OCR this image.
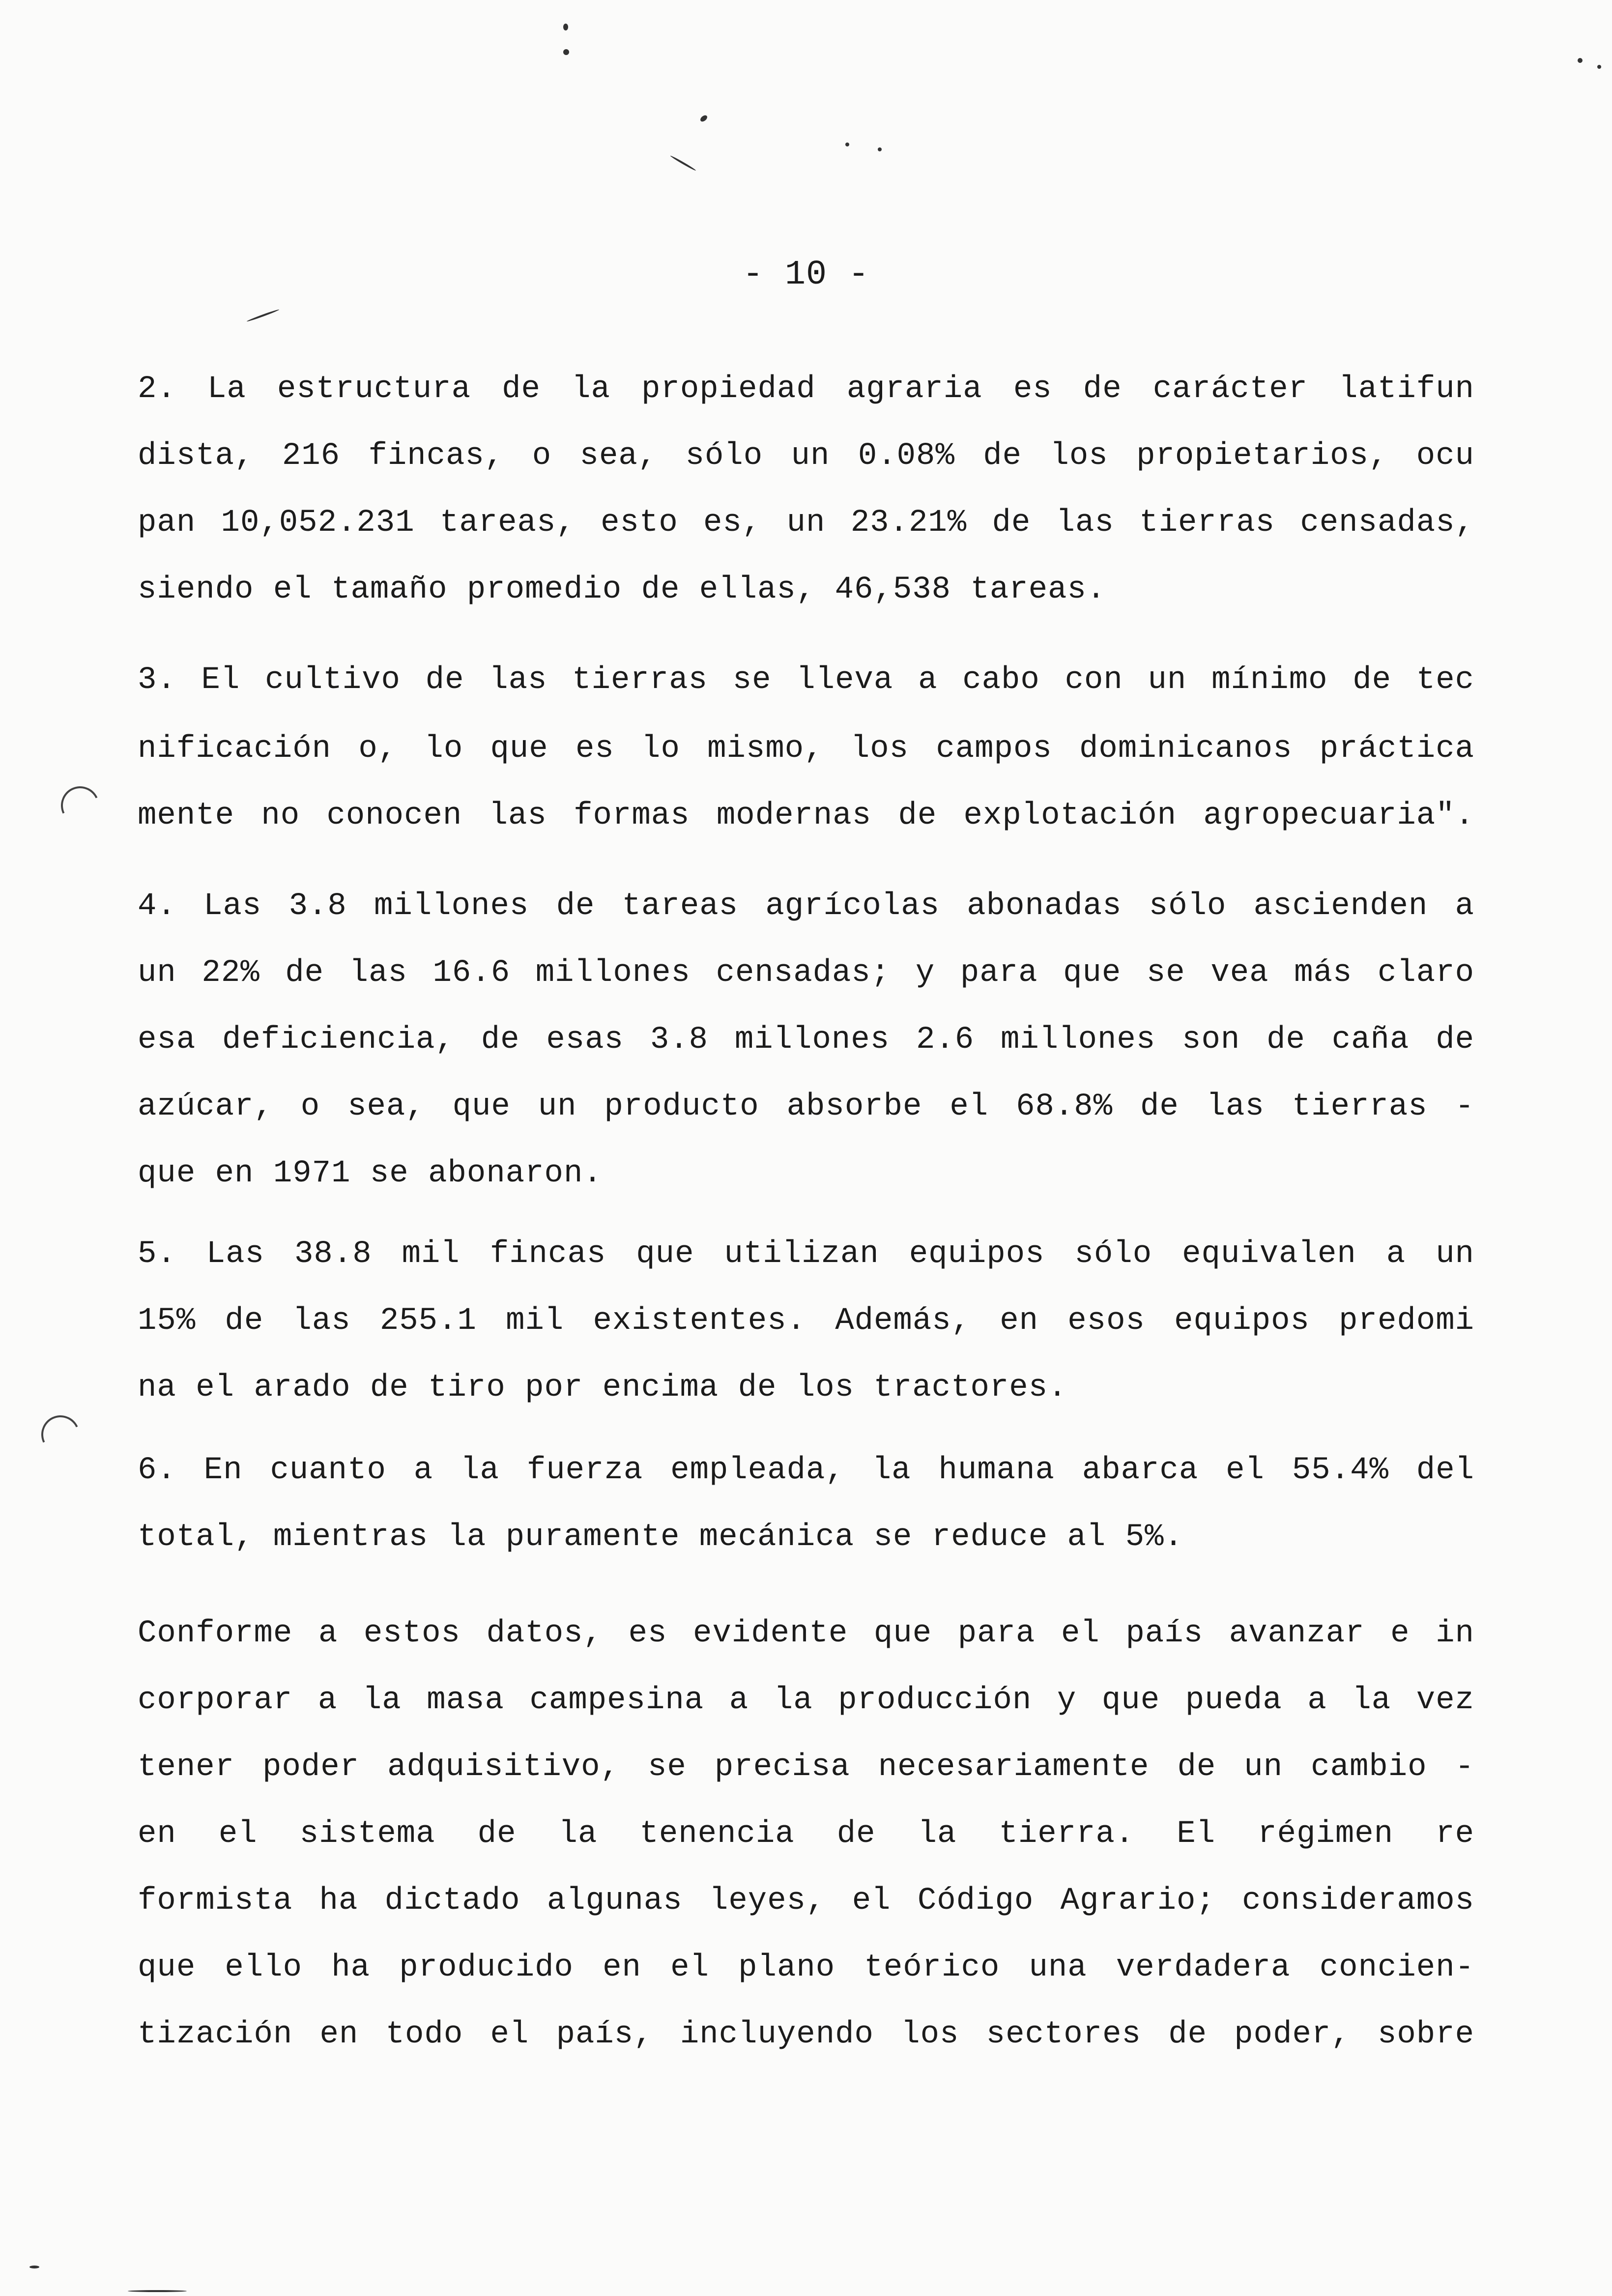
- 10 -
2. La estructura de la propiedad agraria es de carácter latifun
dista, 216 fincas, o sea, sólo un 0.08% de los propietarios, ocu
pan 10,052.231 tareas, esto es, un 23.21% de las tierras censadas,
siendo el tamaño promedio de ellas, 46,538 tareas.
3. El cultivo de las tierras se lleva a cabo con un mínimo de tec
nificación o, lo que es lo mismo, los campos dominicanos práctica
mente no conocen las formas modernas de explotación agropecuaria".
4. Las 3.8 millones de tareas agrícolas abonadas sólo ascienden a
un 22% de las 16.6 millones censadas; y para que se vea más claro
esa deficiencia, de esas 3.8 millones 2.6 millones son de caña de
azúcar, o sea, que un producto absorbe el 68.8% de las tierras -
que en 1971 se abonaron.
5. Las 38.8 mil fincas que utilizan equipos sólo equivalen a un
15% de las 255.1 mil existentes. Además, en esos equipos predomi
na el arado de tiro por encima de los tractores.
6. En cuanto a la fuerza empleada, la humana abarca el 55.4% del
total, mientras la puramente mecánica se reduce al 5%.
Conforme a estos datos, es evidente que para el país avanzar e in
corporar a la masa campesina a la producción y que pueda a la vez
tener poder adquisitivo, se precisa necesariamente de un cambio -
en el sistema de la tenencia de la tierra. El régimen re
formista ha dictado algunas leyes, el Código Agrario; consideramos
que ello ha producido en el plano teórico una verdadera concien-
tización en todo el país, incluyendo los sectores de poder, sobre
